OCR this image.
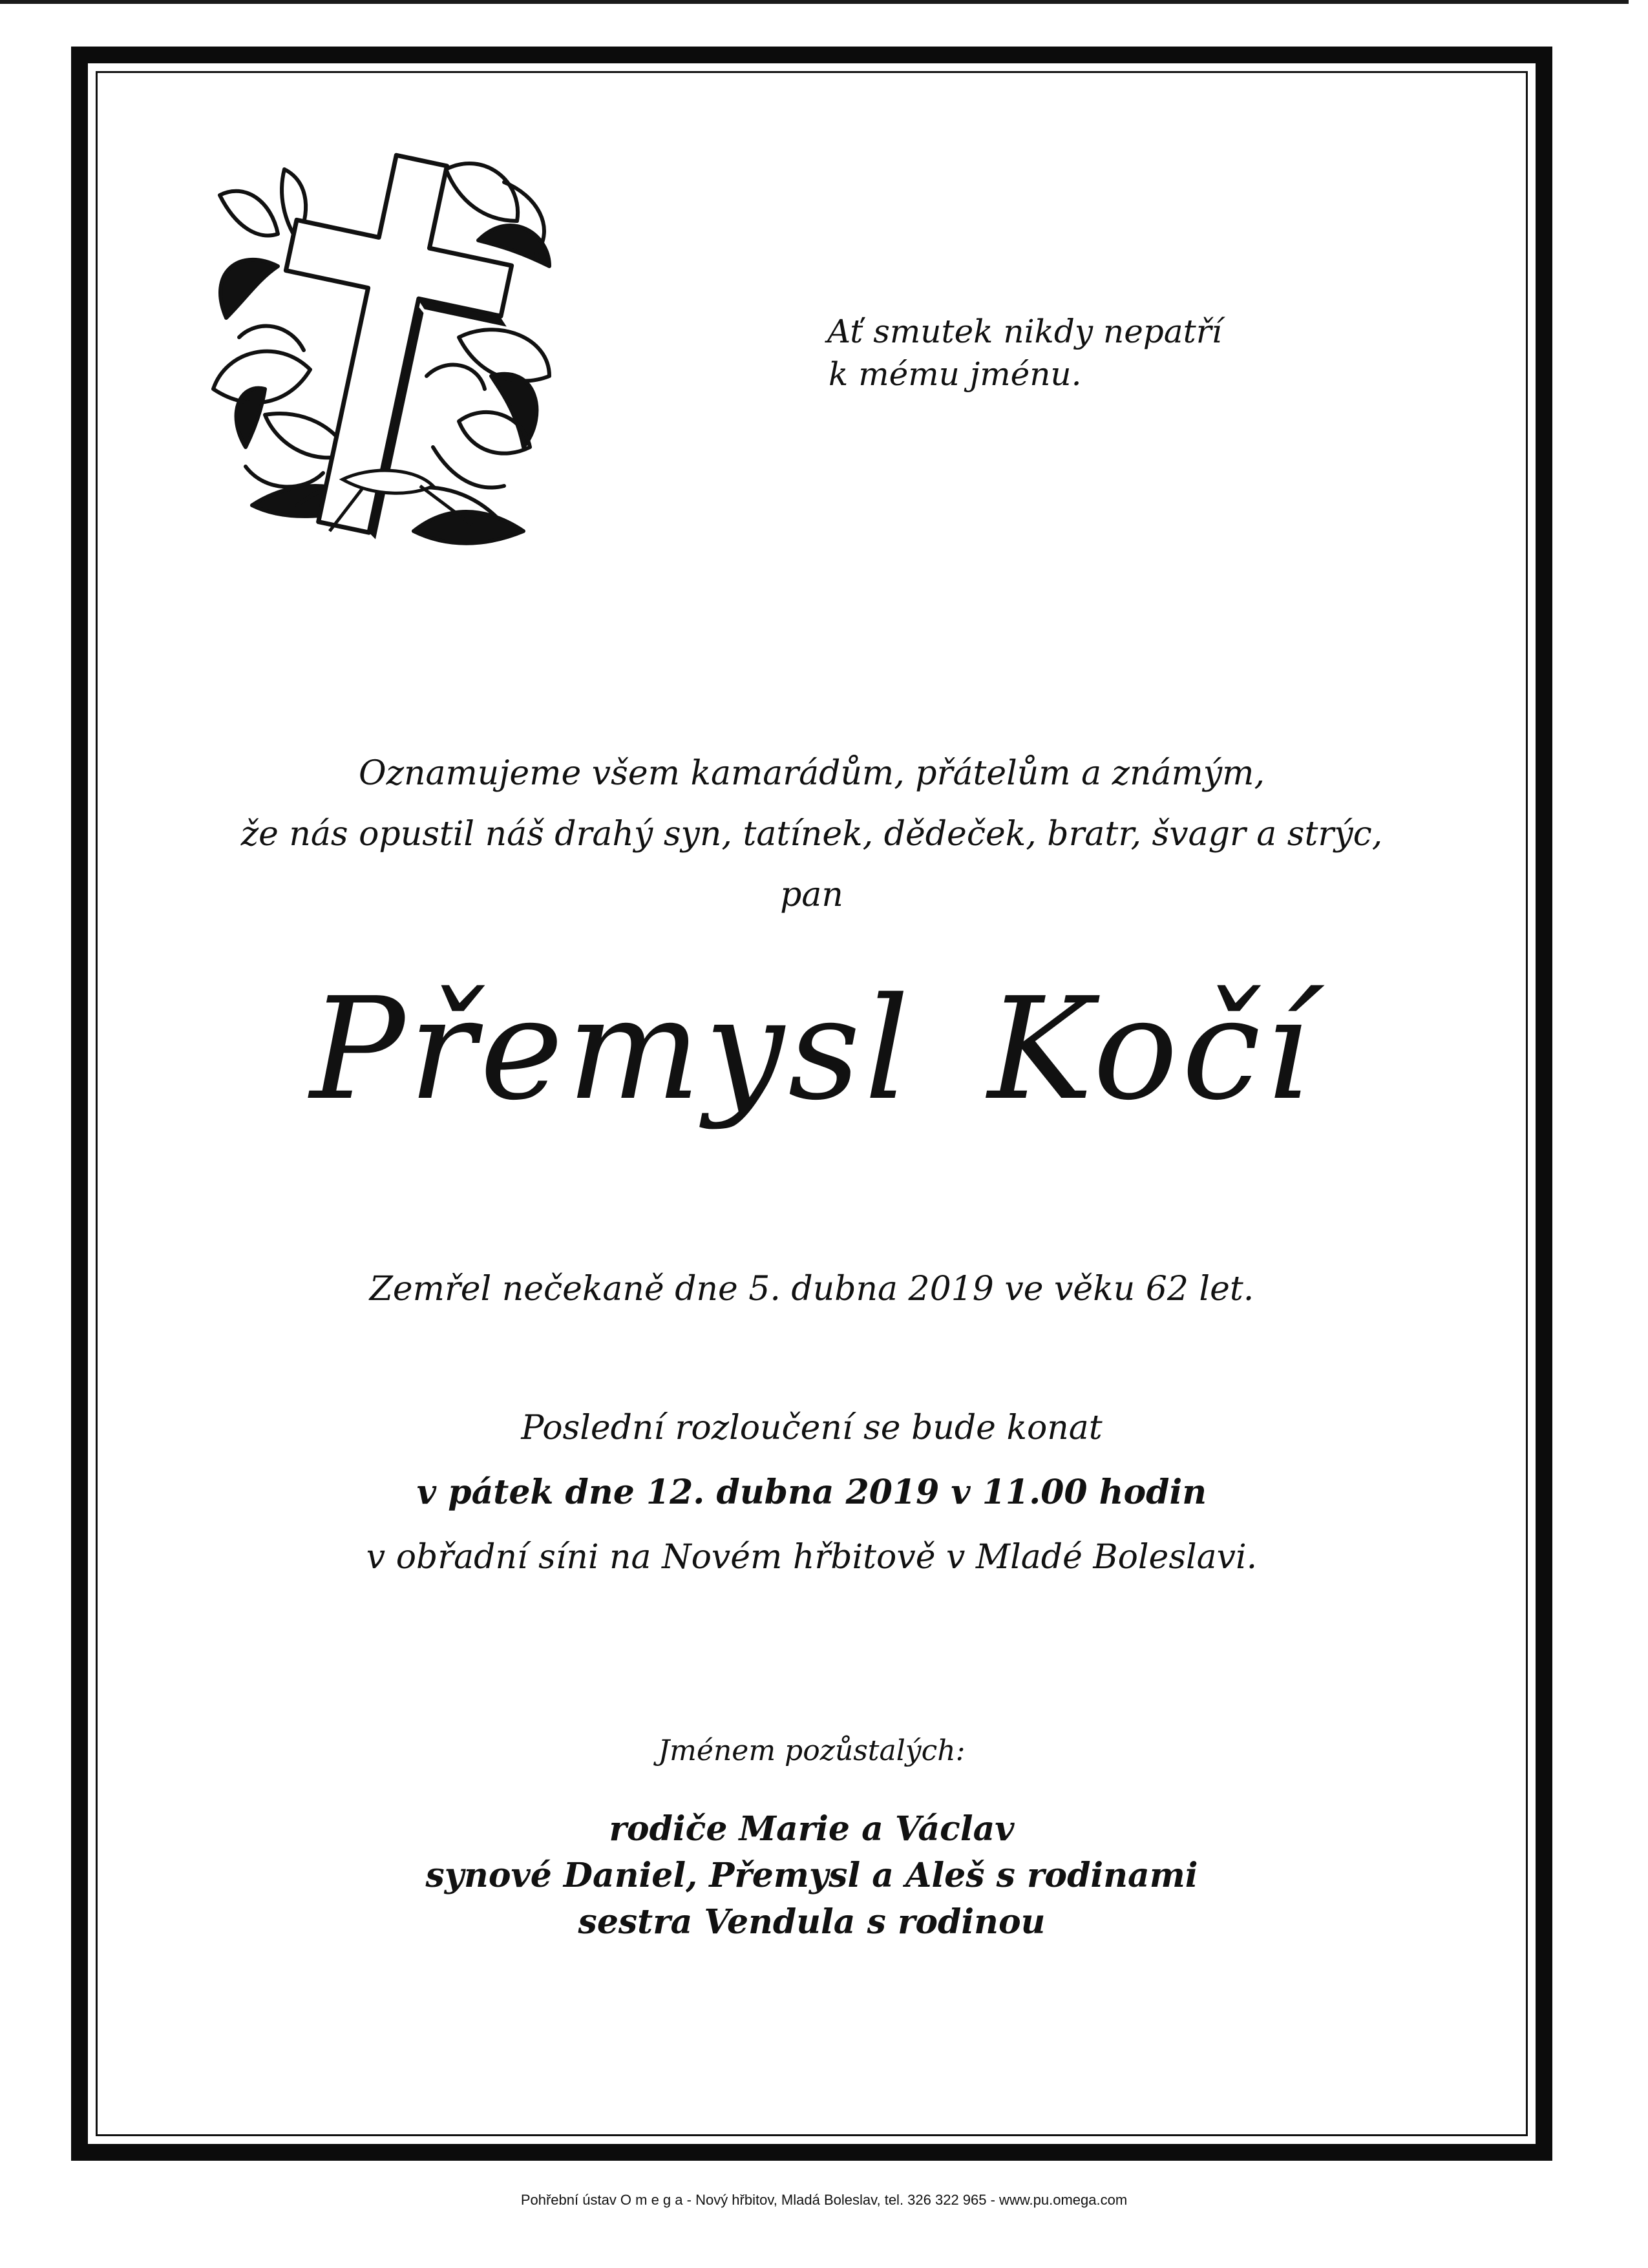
Ať smutek nikdy nepatří
k mému jménu.
Oznamujeme všem kamarádům, přátelům a známým,
že nás opustil náš drahý syn, tatínek, dědeček, bratr, švagr a strýc,
pan
Přemysl Kočí
Zemřel nečekaně dne 5. dubna 2019 ve věku 62 let.
Poslední rozloučení se bude konat
v pátek dne 12. dubna 2019 v 11.00 hodin
v obřadní síni na Novém hřbitově v Mladé Boleslavi.
Jménem pozůstalých:
rodiče Marie a Václav
synové Daniel, Přemysl a Aleš s rodinami
sestra Vendula s rodinou
Pohřební ústav O m e g a - Nový hřbitov, Mladá Boleslav, tel. 326 322 965 - www.pu.omega.com
